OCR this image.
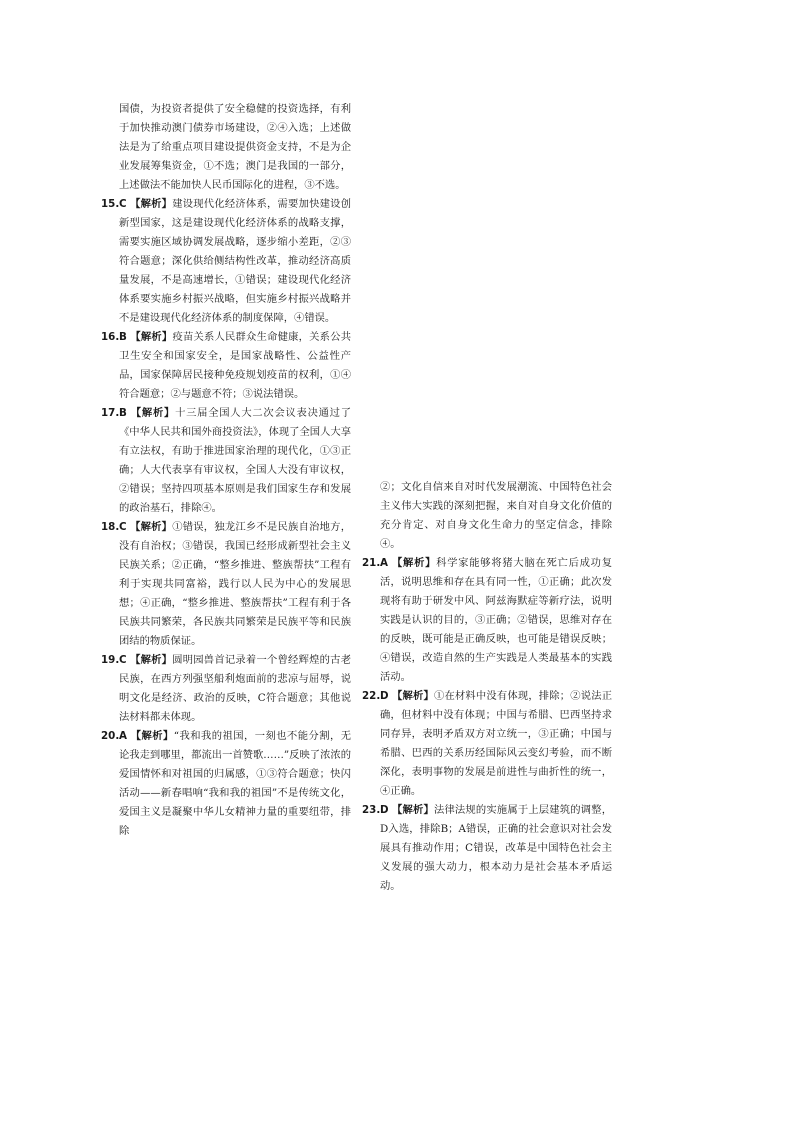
国债，为投资者提供了安全稳健的投资选择，有利于加快推动澳门债券市场建设，②④入选；上述做法是为了给重点项目建设提供资金支持，不是为企业发展筹集资金，①不选；澳门是我国的一部分，上述做法不能加快人民币国际化的进程，③不选。

15. C 【解析】建设现代化经济体系，需要加快建设创新型国家，这是建设现代化经济体系的战略支撑，需要实施区域协调发展战略，逐步缩小差距，②③符合题意；深化供给侧结构性改革，推动经济高质量发展，不是高速增长，①错误；建设现代化经济体系要实施乡村振兴战略，但实施乡村振兴战略并不是建设现代化经济体系的制度保障，④错误。

16. B 【解析】疫苗关系人民群众生命健康，关系公共卫生安全和国家安全，是国家战略性、公益性产品，国家保障居民接种免疫规划疫苗的权利，①④符合题意；②与题意不符；③说法错误。

17. B 【解析】十三届全国人大二次会议表决通过了《中华人民共和国外商投资法》，体现了全国人大享有立法权，有助于推进国家治理的现代化，①③正确；人大代表享有审议权，全国人大没有审议权，②错误；坚持四项基本原则是我们国家生存和发展的政治基石，排除④。

18. C 【解析】①错误，独龙江乡不是民族自治地方，没有自治权；③错误，我国已经形成新型社会主义民族关系；②正确，“整乡推进、整族帮扶”工程有利于实现共同富裕，践行以人民为中心的发展思想；④正确，“整乡推进、整族帮扶”工程有利于各民族共同繁荣，各民族共同繁荣是民族平等和民族团结的物质保证。

19. C 【解析】圆明园兽首记录着一个曾经辉煌的古老民族，在西方列强坚船利炮面前的悲凉与屈辱，说明文化是经济、政治的反映，C符合题意；其他说法材料都未体现。

20. A 【解析】“我和我的祖国，一刻也不能分割，无论我走到哪里，都流出一首赞歌……”反映了浓浓的爱国情怀和对祖国的归属感，①③符合题意；快闪活动——新春唱响“我和我的祖国”不是传统文化，爱国主义是凝聚中华儿女精神力量的重要纽带，排除

②；文化自信来自对时代发展潮流、中国特色社会主义伟大实践的深刻把握，来自对自身文化价值的充分肯定、对自身文化生命力的坚定信念，排除④。

21. A 【解析】科学家能够将猪大脑在死亡后成功复活，说明思维和存在具有同一性，①正确；此次发现将有助于研发中风、阿兹海默症等新疗法，说明实践是认识的目的，③正确；②错误，思维对存在的反映，既可能是正确反映，也可能是错误反映；④错误，改造自然的生产实践是人类最基本的实践活动。

22. D 【解析】①在材料中没有体现，排除；②说法正确，但材料中没有体现；中国与希腊、巴西坚持求同存异，表明矛盾双方对立统一，③正确；中国与希腊、巴西的关系历经国际风云变幻考验，而不断深化，表明事物的发展是前进性与曲折性的统一，④正确。

23. D 【解析】法律法规的实施属于上层建筑的调整，D入选，排除B；A错误，正确的社会意识对社会发展具有推动作用；C错误，改革是中国特色社会主义发展的强大动力，根本动力是社会基本矛盾运动。
